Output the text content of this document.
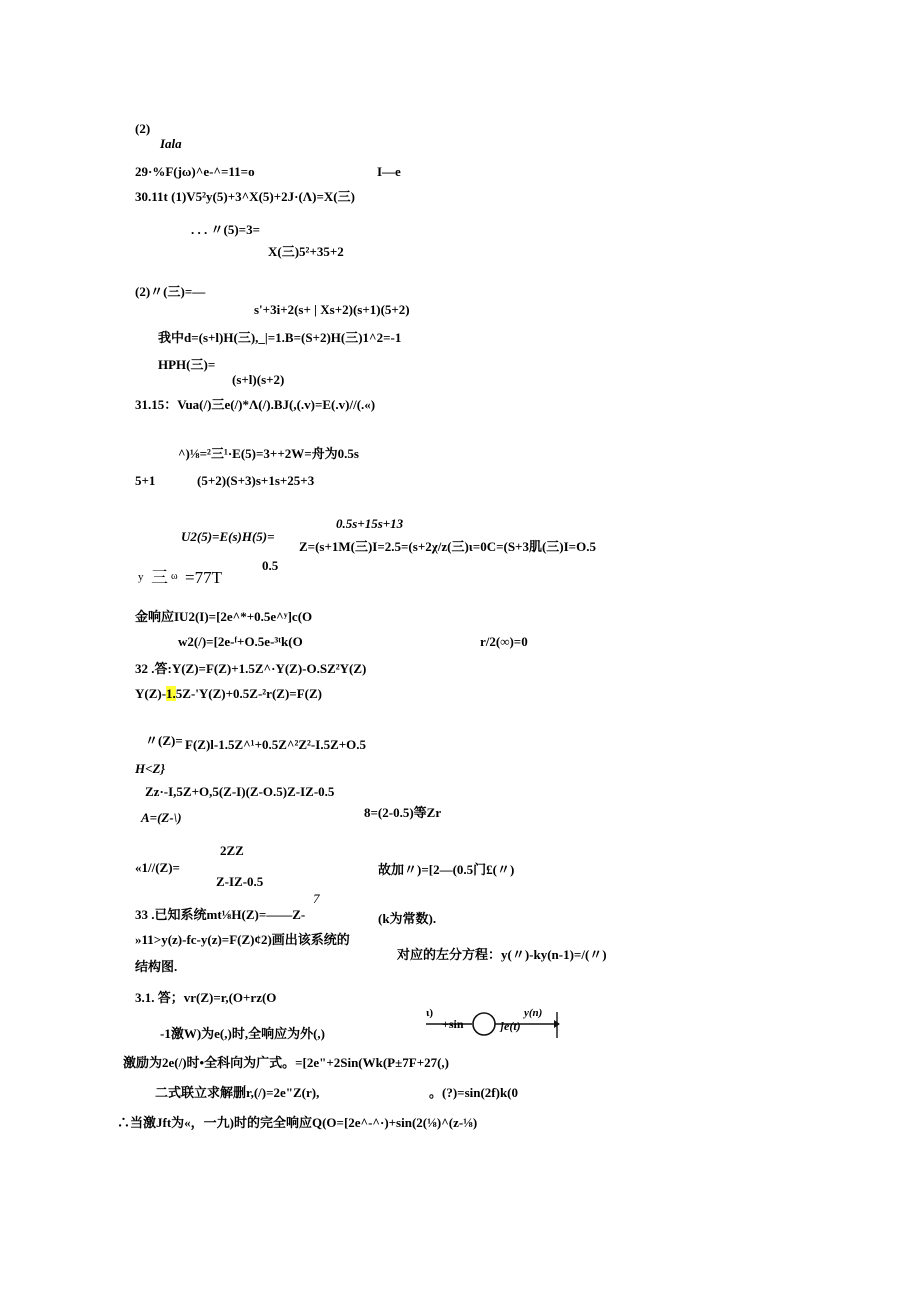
(2)
Iala
29·%F(jω)^e-^=11=o	I—e
30.11t (1)V5²y(5)+3^X(5)+2J·(Λ)=X(三)
. . . 〃(5)=3=
X(三)5²+35+2
(2)〃(三)=—
s'+3i+2(s+ | Xs+2)(s+1)(5+2)
我中d=(s+l)H(三),_|=1.B=(S+2)H(三)1^2=-1
HPH(三)=
(s+l)(s+2)
31.15：Vua(/)三e(/)*Λ(/).BJ(,(.v)=E(.v)//(.«)
^)⅛=²三¹·E(5)=3++2W=舟为0.5s
5+1	(5+2)(S+3)s+1s+25+3
0.5s+15s+13
U2(5)=E(s)H(5)=
Z=(s+1M(三)I=2.5=(s+2χ/z(三)ι=0C=(S+3肌(三)I=O.5
0.5
y 三 ω =77T
金响应IU2(I)=[2e^*+0.5e^ʸ]c(O
w2(/)=[2e-ᶠ+O.5e-³ᵗk(O	r/2(∞)=0
32 .答:Y(Z)=F(Z)+1.5Z^·Y(Z)-O.SZ²Y(Z)
Y(Z)-1.5Z-'Y(Z)+0.5Z-²r(Z)=F(Z)
〃(Z)= F(Z)l-1.5Z^¹+0.5Z^²Z²-I.5Z+O.5
H<Z}
Zz·-I,5Z+O,5(Z-I)(Z-O.5)Z-IZ-0.5
A=(Z-\)	8=(2-0.5)等Zr
2ZZ
«1//(Z)=	故加〃)=[2—(0.5门£(〃)
Z-IZ-0.5
7
33 .已知系统mt⅛H(Z)=——Z-	(k为常数).
»11>y(z)-fc-y(z)=F(Z)¢2)画出该系统的
对应的左分方程：y(〃)-ky(n-1)=/(〃)
结构图.
3.1. 答；vr(Z)=r,(O+rz(O
-1激W)为e(,)时,全响应为外(,)
ι)
+sin	]e(t)
y(n)
激励为2e(/)时•全科向为广式。=[2e"+2Sin(Wk(P±7F+27(,)
二式联立求解删r,(/)=2e"Z(r),	。(?)=sin(2f)k(0
∴当激Jft为«，一九)时的完全响应Q(O=[2e^-^·)+sin(2(⅛)^(z-⅛)
